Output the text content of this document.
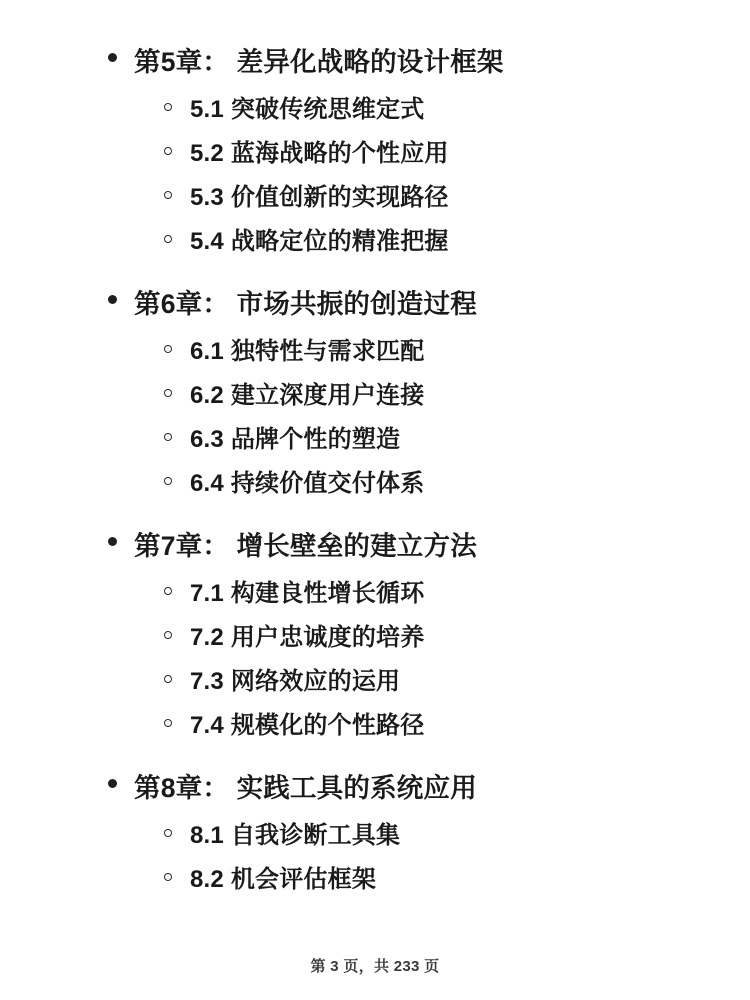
第5章： 差异化战略的设计框架
5.1 突破传统思维定式
5.2 蓝海战略的个性应用
5.3 价值创新的实现路径
5.4 战略定位的精准把握
第6章： 市场共振的创造过程
6.1 独特性与需求匹配
6.2 建立深度用户连接
6.3 品牌个性的塑造
6.4 持续价值交付体系
第7章： 增长壁垒的建立方法
7.1 构建良性增长循环
7.2 用户忠诚度的培养
7.3 网络效应的运用
7.4 规模化的个性路径
第8章： 实践工具的系统应用
8.1 自我诊断工具集
8.2 机会评估框架
第 3 页，共 233 页
